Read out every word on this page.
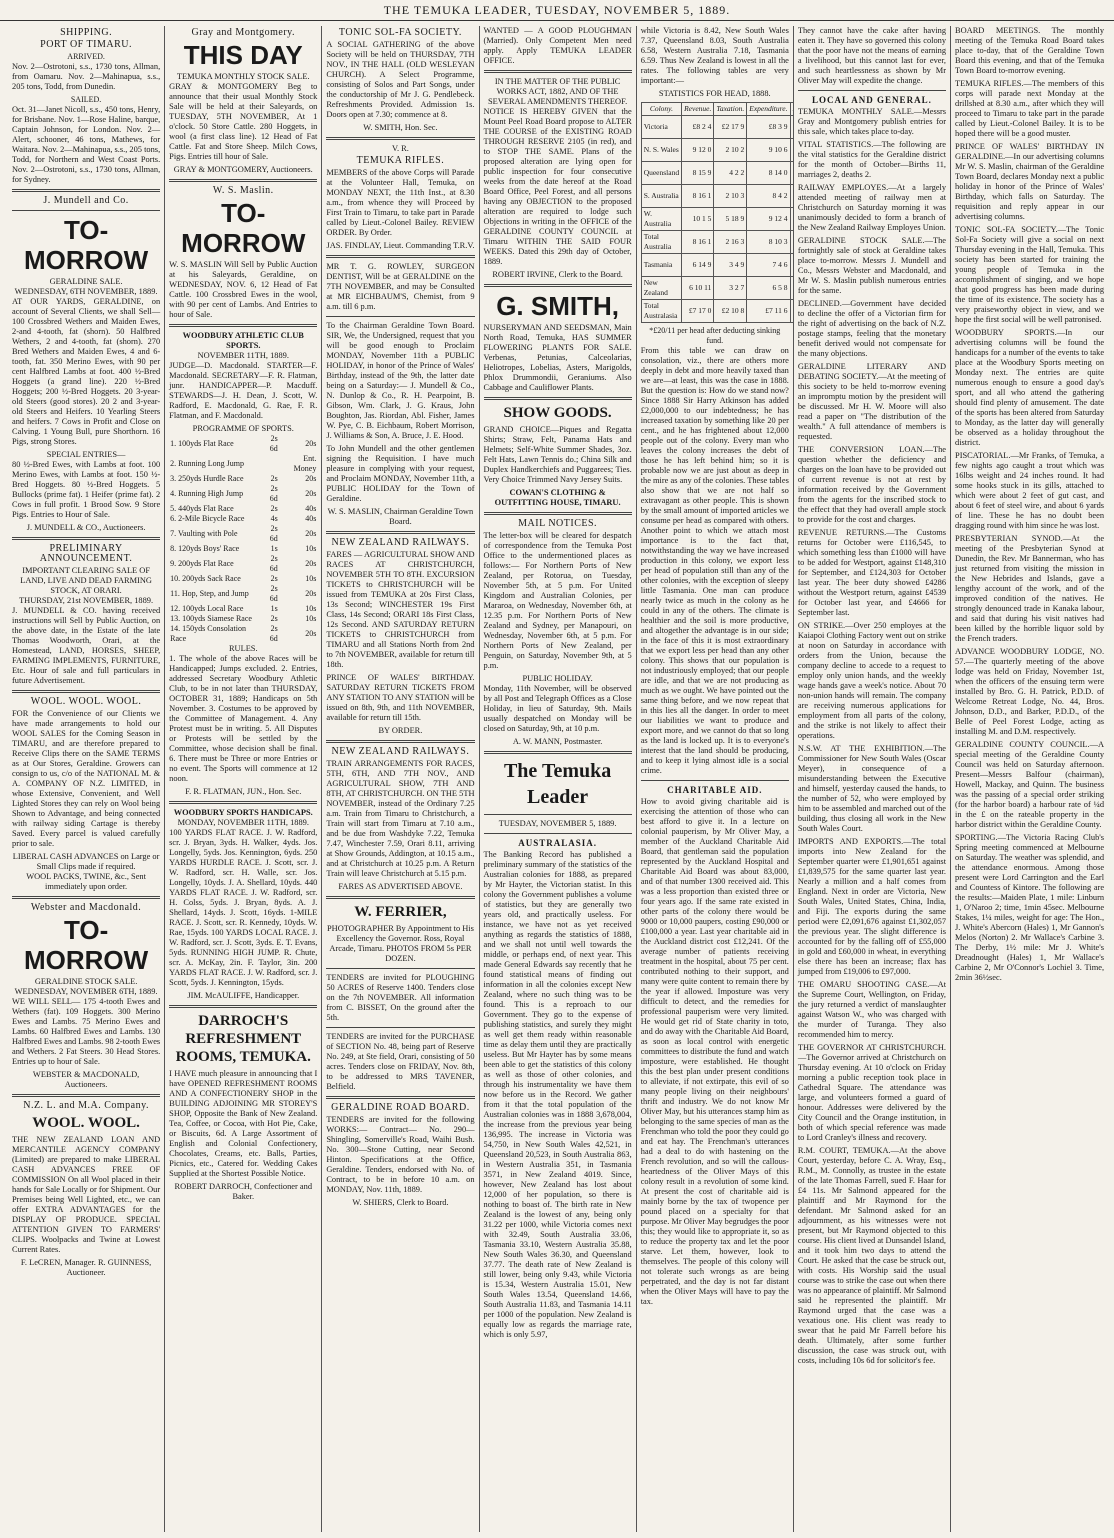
THE TEMUKA LEADER, TUESDAY, NOVEMBER 5, 1889.
SHIPPING.
PORT OF TIMARU.
ARRIVED.

Nov. 2—Ostrotoni, s.s., 1730 tons, Allman, from Oamaru. Nov. 2—Mahinapua, s.s., 205 tons, Todd, from Dunedin.

SAILED.

Oct. 31—Janet Nicoll, s.s., 450 tons, Henry, for Brisbane. Nov. 1—Rose Haline, barque, Captain Johnson, for London. Nov. 2—Alert, schooner, 46 tons, Mathews, for Waitara. Nov. 2—Mahinapua, s.s., 205 tons, Todd, for Northern and West Coast Ports. Nov. 2—Ostrotoni, s.s., 1730 tons, Allman, for Sydney.

J. Mundell and Co.
TO-MORROW
GERALDINE SALE.
WEDNESDAY, 6TH NOVEMBER, 1889.

AT OUR YARDS, GERALDINE, on account of Several Clients, we shall Sell— 100 Crossbred Wethers and Maiden Ewes, 2-and 4-tooth, fat (shorn). 50 Halfbred Wethers, 2 and 4-tooth, fat (shorn). 270 Bred Wethers and Maiden Ewes, 4 and 6-tooth, fat. 350 Merino Ewes, with 90 per cent Halfbred Lambs at foot. 400 ½-Bred Hoggets (a grand line). 220 ½-Bred Hoggets; 200 ½-Bred Hoggets. 20 3-year-old Steers (good stores). 20 2 and 3-year-old Steers and Heifers. 10 Yearling Steers and heifers. 7 Cows in Profit and Close on Calving. 1 Young Bull, pure Shorthorn. 16 Pigs, strong Stores.

SPECIAL ENTRIES—

80 ½-Bred Ewes, with Lambs at foot. 100 Merino Ewes, with Lambs at foot. 150 ½-Bred Hoggets. 80 ½-Bred Hoggets. 5 Bullocks (prime fat). 1 Heifer (prime fat). 2 Cows in full profit. 1 Brood Sow. 9 Store Pigs. Entries to Hour of Sale.

J. MUNDELL & CO., Auctioneers.
PRELIMINARY ANNOUNCEMENT.
IMPORTANT CLEARING SALE OF LAND, LIVE AND DEAD FARMING STOCK, AT ORARI.
THURSDAY, 21st NOVEMBER, 1889.

J. MUNDELL & CO. having received instructions will Sell by Public Auction, on the above date, in the Estate of the late Thomas Woodworth, Orari, at the Homestead, LAND, HORSES, SHEEP, FARMING IMPLEMENTS, FURNITURE, Etc. Hour of sale and full particulars in future Advertisement.

WOOL. WOOL. WOOL.

FOR the Convenience of our Clients we have made arrangements to hold our WOOL SALES for the Coming Season in TIMARU, and are therefore prepared to Receive Clips there on the SAME TERMS as at Our Stores, Geraldine. Growers can consign to us, c/o of the NATIONAL M. & A. COMPANY OF N.Z. LIMITED, in whose Extensive, Convenient, and Well Lighted Stores they can rely on Wool being Shown to Advantage, and being connected with railway siding Cartage is thereby Saved. Every parcel is valued carefully prior to sale.

LIBERAL CASH ADVANCES on Large or Small Clips made if required.
WOOL PACKS, TWINE, &c., Sent immediately upon order.
Webster and Macdonald.
TO-MORROW
GERALDINE STOCK SALE.
WEDNESDAY, NOVEMBER 6TH, 1889.

WE WILL SELL— 175 4-tooth Ewes and Wethers (fat). 109 Hoggets. 300 Merino Ewes and Lambs. 75 Merino Ewes and Lambs. 60 Halfbred Ewes and Lambs. 130 Halfbred Ewes and Lambs. 98 2-tooth Ewes and Wethers. 2 Fat Steers. 30 Head Stores. Entries up to hour of Sale.

WEBSTER & MACDONALD, Auctioneers.
N.Z. L. and M.A. Company.
WOOL. WOOL.

THE NEW ZEALAND LOAN AND MERCANTILE AGENCY COMPANY (Limited) are prepared to make LIBERAL CASH ADVANCES FREE OF COMMISSION On all Wool placed in their hands for Sale Locally or for Shipment. Our Premises being Well Lighted, etc., we can offer EXTRA ADVANTAGES for the DISPLAY OF PRODUCE. SPECIAL ATTENTION GIVEN TO FARMERS' CLIPS. Woolpacks and Twine at Lowest Current Rates.

F. LeCREN, Manager. R. GUINNESS, Auctioneer.
Gray and Montgomery.
THIS DAY
TEMUKA MONTHLY STOCK SALE.

GRAY & MONTGOMERY Beg to announce that their usual Monthly Stock Sale will be held at their Saleyards, on TUESDAY, 5TH NOVEMBER, At 1 o'clock. 50 Store Cattle. 280 Hoggets, in wool (a first class line). 12 Head of Fat Cattle. Fat and Store Sheep. Milch Cows, Pigs. Entries till hour of Sale.

GRAY & MONTGOMERY, Auctioneers.
W. S. Maslin.
TO-MORROW

W. S. MASLIN Will Sell by Public Auction at his Saleyards, Geraldine, on WEDNESDAY, NOV. 6, 12 Head of Fat Cattle. 100 Crossbred Ewes in the wool, with 90 per cent of Lambs. And Entries to hour of Sale.

WOODBURY ATHLETIC CLUB SPORTS.
NOVEMBER 11TH, 1889.

JUDGE—D. Macdonald. STARTER—F. Macdonald. SECRETARY—F. R. Flatman, junr. HANDICAPPER—P. Macduff. STEWARDS—J. H. Dean, J. Scott, W. Radford, E. Macdonald, G. Rae, F. R. Flatman, and F. Macdonald.

PROGRAMME OF SPORTS.
1. 100yds Flat Race	2s 6d	20s
2. Running Long Jump		Ent. Money
3. 250yds Hurdle Race	2s	20s
4. Running High Jump	2s 6d	20s
5. 440yds Flat Race	2s	40s
6. 2-Mile Bicycle Race	4s	40s
7. Vaulting with Pole	2s 6d	20s
8. 120yds Boys' Race	1s	10s
9. 200yds Flat Race	2s 6d	20s
10. 200yds Sack Race	2s	10s
11. Hop, Step, and Jump	2s 6d	20s
12. 100yds Local Race	1s	10s
13. 100yds Siamese Race	2s	10s
14. 150yds Consolation Race	2s 6d	20s
RULES.

1. The whole of the above Races will be Handicapped; Jumps excluded. 2. Entries, addressed Secretary Woodbury Athletic Club, to be in not later than THURSDAY, OCTOBER 31, 1889; Handicaps on 5th November. 3. Costumes to be approved by the Committee of Management. 4. Any Protest must be in writing. 5. All Disputes or Protests will be settled by the Committee, whose decision shall be final. 6. There must be Three or more Entries or no event. The Sports will commence at 12 noon.

F. R. FLATMAN, JUN., Hon. Sec.
WOODBURY SPORTS HANDICAPS.
MONDAY, NOVEMBER 11TH, 1889.

100 YARDS FLAT RACE. J. W. Radford, scr. J. Bryan, 3yds. H. Walker, 4yds. Jos. Longelly, 5yds. Jos. Kennington, 6yds. 250 YARDS HURDLE RACE. J. Scott, scr. J. W. Radford, scr. H. Walle, scr. Jos. Longelly, 10yds. J. A. Shellard, 10yds. 440 YARDS FLAT RACE. J. W. Radford, scr. H. Colss, 5yds. J. Bryan, 8yds. A. J. Shellard, 14yds. J. Scott, 16yds. 1-MILE RACE. J. Scott, scr. R. Kennedy, 10yds. W. Rae, 15yds. 100 YARDS LOCAL RACE. J. W. Radford, scr. J. Scott, 3yds. E. T. Evans, 5yds. RUNNING HIGH JUMP. R. Chute, scr. A. McKay, 2in. F. Taylor, 3in. 200 YARDS FLAT RACE. J. W. Radford, scr. J. Scott, 5yds. J. Kennington, 15yds.

JIM. McAULIFFE, Handicapper.
DARROCH'S REFRESHMENT ROOMS, TEMUKA.

I HAVE much pleasure in announcing that I have OPENED REFRESHMENT ROOMS AND A CONFECTIONERY SHOP in the BUILDING ADJOINING MR STOREY'S SHOP, Opposite the Bank of New Zealand. Tea, Coffee, or Cocoa, with Hot Pie, Cake, or Biscuits, 6d. A Large Assortment of English and Colonial Confectionery, Chocolates, Creams, etc. Balls, Parties, Picnics, etc., Catered for. Wedding Cakes Supplied at the Shortest Possible Notice.

ROBERT DARROCH, Confectioner and Baker.
TONIC SOL-FA SOCIETY.

A SOCIAL GATHERING of the above Society will be held on THURSDAY, 7TH NOV., IN THE HALL (OLD WESLEYAN CHURCH). A Select Programme, consisting of Solos and Part Songs, under the conductorship of Mr J. G. Pendlebeck. Refreshments Provided. Admission 1s. Doors open at 7.30; commence at 8.

W. SMITH, Hon. Sec.
V. R.
TEMUKA RIFLES.

MEMBERS of the above Corps will Parade at the Volunteer Hall, Temuka, on MONDAY NEXT, the 11th Inst., at 8.30 a.m., from whence they will Proceed by First Train to Timaru, to take part in Parade called by Lieut.-Colonel Bailey. REVIEW ORDER. By Order.

JAS. FINDLAY, Lieut. Commanding T.R.V.

MR T. G. ROWLEY, SURGEON DENTIST, Will be at GERALDINE on the 7TH NOVEMBER, and may be Consulted at MR EICHBAUM'S, Chemist, from 9 a.m. till 6 p.m.

To the Chairman Geraldine Town Board. SIR, We, the Undersigned, request that you will be good enough to Proclaim MONDAY, November 11th a PUBLIC HOLIDAY, in honor of the Prince of Wales' Birthday, instead of the 9th, the latter date being on a Saturday:— J. Mundell & Co., N. Dunlop & Co., R. H. Pearpoint, B. Gibson, Wm. Clark, J. G. Kraus, John Boughton, Jas. Riordan, Abl. Fisher, James W. Pye, C. B. Eichbaum, Robert Morrison, J. Williams & Son, A. Bruce, J. E. Hood.

To John Mundell and the other gentlemen signing the Requisition. I have much pleasure in complying with your request, and Proclaim MONDAY, November 11th, a PUBLIC HOLIDAY for the Town of Geraldine.

W. S. MASLIN, Chairman Geraldine Town Board.
NEW ZEALAND RAILWAYS.

FARES — AGRICULTURAL SHOW AND RACES AT CHRISTCHURCH, NOVEMBER 5TH TO 8TH. EXCURSION TICKETS to CHRISTCHURCH will be issued from TEMUKA at 20s First Class, 13s Second; WINCHESTER 19s First Class, 14s Second; ORARI 18s First Class, 12s Second. AND SATURDAY RETURN TICKETS to CHRISTCHURCH from TIMARU and all Stations North from 2nd to 7th NOVEMBER, available for return till 18th.

PRINCE OF WALES' BIRTHDAY. SATURDAY RETURN TICKETS FROM ANY STATION TO ANY STATION will be issued on 8th, 9th, and 11th NOVEMBER, available for return till 15th.

BY ORDER.
NEW ZEALAND RAILWAYS.

TRAIN ARRANGEMENTS FOR RACES, 5TH, 6TH, AND 7TH NOV., AND AGRICULTURAL SHOW, 7TH AND 8TH, AT CHRISTCHURCH. ON THE 5TH NOVEMBER, instead of the Ordinary 7.25 a.m. Train from Timaru to Christchurch, a Train will start from Timaru at 7.10 a.m., and be due from Washdyke 7.22, Temuka 7.47, Winchester 7.59, Orari 8.11, arriving at Show Grounds, Addington, at 10.15 a.m., and at Christchurch at 10.25 p.m. A Return Train will leave Christchurch at 5.15 p.m.

FARES AS ADVERTISED ABOVE.
W. FERRIER,

PHOTOGRAPHER By Appointment to His Excellency the Governor. Ross, Royal Arcade, Timaru. PHOTOS FROM 5s PER DOZEN.

TENDERS are invited for PLOUGHING 50 ACRES of Reserve 1400. Tenders close on the 7th NOVEMBER. All information from C. BISSET, On the ground after the 5th.

TENDERS are invited for the PURCHASE of SECTION No. 48, being part of Reserve No. 249, at Ste field, Orari, consisting of 50 acres. Tenders close on FRIDAY, Nov. 8th, to be addressed to MRS TAVENER, Belfield.

GERALDINE ROAD BOARD.

TENDERS are invited for the following WORKS:— Contract— No. 290—Shingling, Somerville's Road, Waihi Bush. No. 300—Stone Cutting, near Second Hinton. Specifications at the Office, Geraldine. Tenders, endorsed with No. of Contract, to be in before 10 a.m. on MONDAY, Nov. 11th, 1889.

W. SHIERS, Clerk to Board.

WANTED — A GOOD PLOUGHMAN (Married). Only Competent Men need apply. Apply TEMUKA LEADER OFFICE.

IN THE MATTER OF THE PUBLIC WORKS ACT, 1882, AND OF THE SEVERAL AMENDMENTS THEREOF.

NOTICE IS HEREBY GIVEN that the Mount Peel Road Board propose to ALTER THE COURSE of the EXISTING ROAD THROUGH RESERVE 2105 (in red), and to STOP THE SAME. Plans of the proposed alteration are lying open for public inspection for four consecutive weeks from the date hereof at the Road Board Office, Peel Forest, and all persons having any OBJECTION to the proposed alteration are required to lodge such Objections in writing in the OFFICE of the GERALDINE COUNTY COUNCIL at Timaru WITHIN THE SAID FOUR WEEKS. Dated this 29th day of October, 1889.

ROBERT IRVINE, Clerk to the Board.
G. SMITH,

NURSERYMAN AND SEEDSMAN, Main North Road, Temuka, HAS SUMMER FLOWERING PLANTS FOR SALE. Verbenas, Petunias, Calceolarias, Heliotropes, Lobelias, Asters, Marigolds, Phlox Drummondii, Geraniums. Also Cabbage and Cauliflower Plants.

SHOW GOODS.

GRAND CHOICE—Piques and Regatta Shirts; Straw, Felt, Panama Hats and Helmets; Self-White Summer Shades, 3oz. Felt Hats, Lawn Tennis do.; China Silk and Duplex Handkerchiefs and Puggarees; Ties. Very Choice Trimmed Navy Jersey Suits.

COWAN'S CLOTHING & OUTFITTING HOUSE, TIMARU.
MAIL NOTICES.

The letter-box will be cleared for despatch of correspondence from the Temuka Post Office to the undermentioned places as follows:— For Northern Ports of New Zealand, per Rotorua, on Tuesday, November 5th, at 5 p.m. For United Kingdom and Australian Colonies, per Mararoa, on Wednesday, November 6th, at 12.35 p.m. For Northern Ports of New Zealand and Sydney, per Manapouri, on Wednesday, November 6th, at 5 p.m. For Northern Ports of New Zealand, per Penguin, on Saturday, November 9th, at 5 p.m.

PUBLIC HOLIDAY.

Monday, 11th November, will be observed by all Post and Telegraph Offices as a Close Holiday, in lieu of Saturday, 9th. Mails usually despatched on Monday will be closed on Saturday, 9th, at 10 p.m.

A. W. MANN, Postmaster.
The Temuka Leader
TUESDAY, NOVEMBER 5, 1889.
AUSTRALASIA.

The Banking Record has published a preliminary summary of the statistics of the Australian colonies for 1888, as prepared by Mr Hayter, the Victorian statist. In this colony the Government publishes a volume of statistics, but they are generally two years old, and practically useless. For instance, we have not as yet received anything as regards the statistics of 1888, and we shall not until well towards the middle, or perhaps end, of next year. This made General Edwards say recently that he found statistical means of finding out information in all the colonies except New Zealand, where no such thing was to be found. This is a reproach to our Government. They go to the expense of publishing statistics, and surely they might as well get them ready within reasonable time as delay them until they are practically useless. But Mr Hayter has by some means been able to get the statistics of this colony as well as those of other colonies, and through his instrumentality we have them now before us in the Record. We gather from it that the total population of the Australian colonies was in 1888 3,678,004, the increase from the previous year being 136,995. The increase in Victoria was 54,750, in New South Wales 42,521, in Queensland 20,523, in South Australia 863, in Western Australia 351, in Tasmania 3571, in New Zealand 4019. Since, however, New Zealand has lost about 12,000 of her population, so there is nothing to boast of. The birth rate in New Zealand is the lowest of any, being only 31.22 per 1000, while Victoria comes next with 32.49, South Australia 33.06, Tasmania 33.10, Western Australia 35.88, New South Wales 36.30, and Queensland 37.77. The death rate of New Zealand is still lower, being only 9.43, while Victoria is 15.34, Western Australia 15.01, New South Wales 13.54, Queensland 14.66, South Australia 11.83, and Tasmania 14.11 per 1000 of the population. New Zealand is equally low as regards the marriage rate, which is only 5.97,

while Victoria is 8.42, New South Wales 7.37, Queensland 8.03, South Australia 6.58, Western Australia 7.18, Tasmania 6.59. Thus New Zealand is lowest in all the rates. The following tables are very important:—

STATISTICS FOR HEAD, 1888.
Colony.	Revenue.	Taxation.	Expenditure.			
Victoria	£8 2 4	£2 17 9	£8 3 9			
N. S. Wales	9 12 0	2 10 2	9 10 6			
Queensland	8 15 9	4 2 2	8 14 0			
S. Australia	8 16 1	2 10 3	8 4 2			
W. Australia	10 1 5	5 18 9	9 12 4			
Total Australia	8 16 1	2 16 3	8 10 3			
Tasmania	6 14 9	3 4 9	7 4 6			
New Zealand	6 10 11	3 2 7	6 5 8			
Total Australasia	£7 17 0	£2 10 8	£7 11 6			
*£20/11 per head after deducting sinking fund.

From this table we can draw on consolation, viz., there are others more deeply in debt and more heavily taxed than we are—at least, this was the case in 1888. But the question is: How do we stand now? Since 1888 Sir Harry Atkinson has added £2,000,000 to our indebtedness; he has increased taxation by something like 20 per cent., and he has frightened about 12,000 people out of the colony. Every man who leaves the colony increases the debt of those he has left behind him; so it is probable now we are just about as deep in the mire as any of the colonies. These tables also show that we are not half so extravagant as other people. This is shown by the small amount of imported articles we consume per head as compared with others. Another point to which we attach most importance is to the fact that, notwithstanding the way we have increased production in this colony, we export less per head of population still than any of the other colonies, with the exception of sleepy little Tasmania. One man can produce nearly twice as much in the colony as he could in any of the others. The climate is healthier and the soil is more productive, and altogether the advantage is in our side; in the face of this it is most extraordinary that we export less per head than any other colony. This shows that our population is not industriously employed; that our people are idle, and that we are not producing as much as we ought. We have pointed out the same thing before, and we now repeat that in this lies all the danger. In order to meet our liabilities we want to produce and export more, and we cannot do that so long as the land is locked up. It is to everyone's interest that the land should be producing, and to keep it lying almost idle is a social crime.

CHARITABLE AID.

How to avoid giving charitable aid is exercising the attention of those who can best afford to give it. In a lecture on colonial pauperism, by Mr Oliver May, a member of the Auckland Charitable Aid Board, that gentleman said the population represented by the Auckland Hospital and Charitable Aid Board was about 83,000, and of that number 1300 received aid. This was a less proportion than existed three or four years ago. If the same rate existed in other parts of the colony there would be 9000 or 10,000 paupers, costing £90,000 or £100,000 a year. Last year charitable aid in the Auckland district cost £12,241. Of the average number of patients receiving treatment in the hospital, about 75 per cent. contributed nothing to their support, and many were quite content to remain there by the year if allowed. Imposture was very difficult to detect, and the remedies for professional pauperism were very limited. He would get rid of State charity in toto, and do away with the Charitable Aid Board, as soon as local control with energetic committees to distribute the fund and watch imposture, were established. He thought this the best plan under present conditions to alleviate, if not extirpate, this evil of so many people living on their neighbours' thrift and industry. We do not know Mr Oliver May, but his utterances stamp him as belonging to the same species of man as the Frenchman who told the poor they could go and eat hay. The Frenchman's utterances had a deal to do with hastening on the French revolution, and so will the callous-heartedness of the Oliver Mays of this colony result in a revolution of some kind. At present the cost of charitable aid is mainly borne by the tax of twopence per pound placed on a specialty for that purpose. Mr Oliver May begrudges the poor this; they would like to appropriate it, so as to reduce the property tax and let the poor starve. Let them, however, look to themselves. The people of this colony will not tolerate such wrongs as are being perpetrated, and the day is not far distant when the Oliver Mays will have to pay the tax.

They cannot have the cake after having eaten it. They have so governed this colony that the poor have not the means of earning a livelihood, but this cannot last for ever, and such heartlessness as shown by Mr Oliver May will expedite the change.

LOCAL AND GENERAL.

TEMUKA MONTHLY SALE.—Messrs Gray and Montgomery publish entries for this sale, which takes place to-day.

VITAL STATISTICS.—The following are the vital statistics for the Geraldine district for the month of October—Births 11, marriages 2, deaths 2.

RAILWAY EMPLOYES.—At a largely attended meeting of railway men at Christchurch on Saturday morning it was unanimously decided to form a branch of the New Zealand Railway Employes Union.

GERALDINE STOCK SALE.—The fortnightly sale of stock at Geraldine takes place to-morrow. Messrs J. Mundell and Co., Messrs Webster and Macdonald, and Mr W. S. Maslin publish numerous entries for the same.

DECLINED.—Government have decided to decline the offer of a Victorian firm for the right of advertising on the back of N.Z. postage stamps, feeling that the monetary benefit derived would not compensate for the many objections.

GERALDINE LITERARY AND DEBATING SOCIETY.—At the meeting of this society to be held to-morrow evening an impromptu motion by the president will be discussed. Mr H. W. Moore will also read a paper on "The distribution of the wealth." A full attendance of members is requested.

THE CONVERSION LOAN.—The question whether the deficiency and charges on the loan have to be provided out of current revenue is not at rest by information received by the Government from the agents for the inscribed stock to the effect that they had overall ample stock to provide for the cost and charges.

REVENUE RETURNS.—The Customs returns for October were £116,545, to which something less than £1000 will have to be added for Westport, against £148,310 for September, and £124,303 for October last year. The beer duty showed £4286 without the Westport return, against £4539 for October last year, and £4666 for September last.

ON STRIKE.—Over 250 employes at the Kaiapoi Clothing Factory went out on strike at noon on Saturday in accordance with orders from the Union, because the company decline to accede to a request to employ only union hands, and the weekly wage hands gave a week's notice. About 70 non-union hands will remain. The company are receiving numerous applications for employment from all parts of the colony, and the strike is not likely to affect their operations.

N.S.W. AT THE EXHIBITION.—The Commissioner for New South Wales (Oscar Meyer), in consequence of a misunderstanding between the Executive and himself, yesterday caused the hands, to the number of 52, who were employed by him to be assembled and marched out of the building, thus closing all work in the New South Wales Court.

IMPORTS AND EXPORTS.—The total imports into New Zealand for the September quarter were £1,901,651 against £1,839,575 for the same quarter last year. Nearly a million and a half comes from England. Next in order are Victoria, New South Wales, United States, China, India, and Fiji. The exports during the same period were £2,091,676 against £1,302,057 the previous year. The slight difference is accounted for by the falling off of £55,000 in gold and £60,000 in wheat, in everything else there has been an increase; flax has jumped from £19,006 to £97,000.

THE OMARU SHOOTING CASE.—At the Supreme Court, Wellington, on Friday, the jury returned a verdict of manslaughter against Watson W., who was charged with the murder of Turanga. They also recommended him to mercy.

THE GOVERNOR AT CHRISTCHURCH.—The Governor arrived at Christchurch on Thursday evening. At 10 o'clock on Friday morning a public reception took place in Cathedral Square. The attendance was large, and volunteers formed a guard of honour. Addresses were delivered by the City Council and the Orange institution, in both of which special reference was made to Lord Cranley's illness and recovery.

R.M. COURT, TEMUKA.—At the above Court, yesterday, before C. A. Wray, Esq., R.M., M. Connolly, as trustee in the estate of the late Thomas Farrell, sued F. Haar for £4 11s. Mr Salmond appeared for the plaintiff and Mr Raymond for the defendant. Mr Salmond asked for an adjournment, as his witnesses were not present, but Mr Raymond objected to this course. His client lived at Dunsandel Island, and it took him two days to attend the Court. He asked that the case be struck out, with costs. His Worship said the usual course was to strike the case out when there was no appearance of plaintiff. Mr Salmond said he represented the plaintiff. Mr Raymond urged that the case was a vexatious one. His client was ready to swear that he paid Mr Farrell before his death. Ultimately, after some further discussion, the case was struck out, with costs, including 10s 6d for solicitor's fee.

BOARD MEETINGS. The monthly meeting of the Temuka Road Board takes place to-day, that of the Geraldine Town Board this evening, and that of the Temuka Town Board to-morrow evening.

TEMUKA RIFLES.—The members of this corps will parade next Monday at the drillshed at 8.30 a.m., after which they will proceed to Timaru to take part in the parade called by Lieut.-Colonel Bailey. It is to be hoped there will be a good muster.

PRINCE OF WALES' BIRTHDAY IN GERALDINE.—In our advertising columns Mr W. S. Maslin, chairman of the Geraldine Town Board, declares Monday next a public holiday in honor of the Prince of Wales' Birthday, which falls on Saturday. The requisition and reply appear in our advertising columns.

TONIC SOL-FA SOCIETY.—The Tonic Sol-Fa Society will give a social on next Thursday evening in the Hall, Temuka. This society has been started for training the young people of Temuka in the accomplishment of singing, and we hope that good progress has been made during the time of its existence. The society has a very praiseworthy object in view, and we hope the first social will be well patronised.

WOODBURY SPORTS.—In our advertising columns will be found the handicaps for a number of the events to take place at the Woodbury Sports meeting on Monday next. The entries are quite numerous enough to ensure a good day's sport, and all who attend the gathering should find plenty of amusement. The date of the sports has been altered from Saturday to Monday, as the latter day will generally be observed as a holiday throughout the district.

PISCATORIAL.—Mr Franks, of Temuka, a few nights ago caught a trout which was 16lbs weight and 24 inches round. It had some hooks stuck in its gills, attached to which were about 2 feet of gut cast, and about 6 feet of steel wire, and about 6 yards of line. These he has no doubt been dragging round with him since he was lost.

PRESBYTERIAN SYNOD.—At the meeting of the Presbyterian Synod at Dunedin, the Rev. Mr Bannerman, who has just returned from visiting the mission in the New Hebrides and Islands, gave a lengthy account of the work, and of the improved condition of the natives. He strongly denounced trade in Kanaka labour, and said that during his visit natives had been killed by the horrible liquor sold by the French traders.

ADVANCE WOODBURY LODGE, NO. 57.—The quarterly meeting of the above lodge was held on Friday, November 1st, when the officers of the ensuing term were installed by Bro. G. H. Patrick, P.D.D. of Welcome Retreat Lodge, No. 44, Bros. Johnson, D.D., and Barker, P.D.D., of the Belle of Peel Forest Lodge, acting as installing M. and D.M. respectively.

GERALDINE COUNTY COUNCIL.—A special meeting of the Geraldine County Council was held on Saturday afternoon. Present—Messrs Balfour (chairman), Howell, Mackay, and Quinn. The business was the passing of a special order striking (for the harbor board) a harbour rate of ¼d in the £ on the rateable property in the harbor district within the Geraldine County.

SPORTING.—The Victoria Racing Club's Spring meeting commenced at Melbourne on Saturday. The weather was splendid, and the attendance enormous. Among those present were Lord Carrington and the Earl and Countess of Kintore. The following are the results:—Maiden Plate, 1 mile: Linburn 1, O'Naroo 2; time, 1min 45sec. Melbourne Stakes, 1¼ miles, weight for age: The Hon., J. White's Abercorn (Hales) 1, Mr Gannon's Melos (Norton) 2. Mr Wallace's Carbine 3. The Derby, 1½ mile: Mr J. White's Dreadnought (Hales) 1, Mr Wallace's Carbine 2, Mr O'Connor's Lochiel 3. Time, 2min 36½sec.
